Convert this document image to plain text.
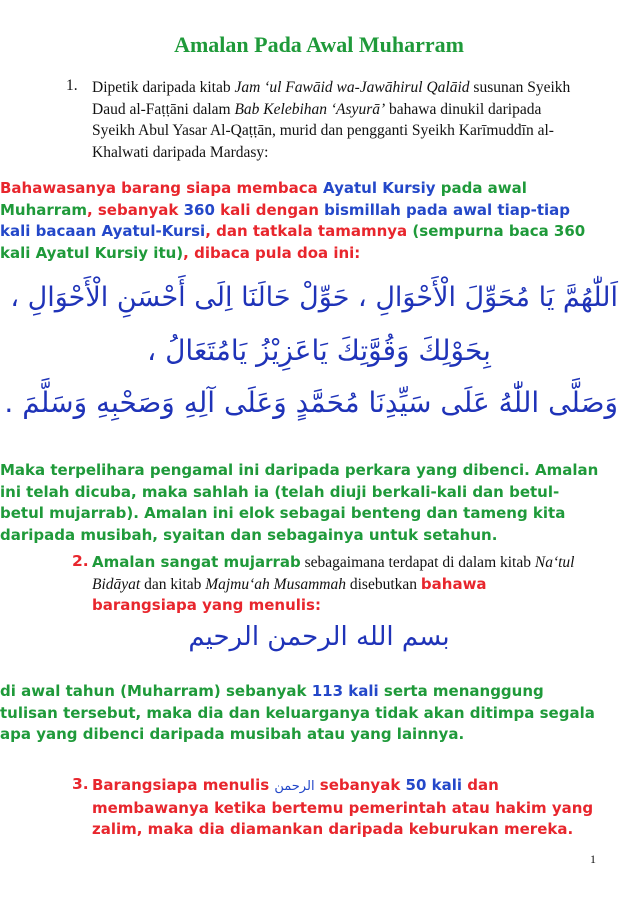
Amalan Pada Awal Muharram
1. Dipetik daripada kitab Jam ‘ul Fawāid wa-Jawāhirul Qalāid susunan Syeikh Daud al-Faṭṭāni dalam Bab Kelebihan ‘Asyurā’ bahawa dinukil daripada Syeikh Abul Yasar Al-Qaṭṭān, murid dan pengganti Syeikh Karīmuddīn al-Khalwati daripada Mardasy:
Bahawasanya barang siapa membaca Ayatul Kursiy pada awal Muharram, sebanyak 360 kali dengan bismillah pada awal tiap-tiap kali bacaan Ayatul-Kursi, dan tatkala tamamnya (sempurna baca 360 kali Ayatul Kursiy itu), dibaca pula doa ini:
اَللّٰهُمَّ يَا مُحَوِّلَ الْأَحْوَالِ ، حَوِّلْ حَالَنَا اِلَى أَحْسَنِ الْأَحْوَالِ ،
بِحَوْلِكَ وَقُوَّتِكَ يَاعَزِيْزُ يَامُتَعَالُ ،
وَصَلَّى اللّٰهُ عَلَى سَيِّدِنَا مُحَمَّدٍ وَعَلَى آلِهِ وَصَحْبِهِ وَسَلَّمَ .
Maka terpelihara pengamal ini daripada perkara yang dibenci. Amalan ini telah dicuba, maka sahlah ia (telah diuji berkali-kali dan betul-betul mujarrab). Amalan ini elok sebagai benteng dan tameng kita daripada musibah, syaitan dan sebagainya untuk setahun.
2. Amalan sangat mujarrab sebagaimana terdapat di dalam kitab Na‘tul Bidāyat dan kitab Majmu‘ah Musammah disebutkan bahawa barangsiapa yang menulis:
بسم الله الرحمن الرحيم
di awal tahun (Muharram) sebanyak 113 kali serta menanggung tulisan tersebut, maka dia dan keluarganya tidak akan ditimpa segala apa yang dibenci daripada musibah atau yang lainnya.
3. Barangsiapa menulis الرحمن sebanyak 50 kali dan membawanya ketika bertemu pemerintah atau hakim yang zalim, maka dia diamankan daripada keburukan mereka.
1
